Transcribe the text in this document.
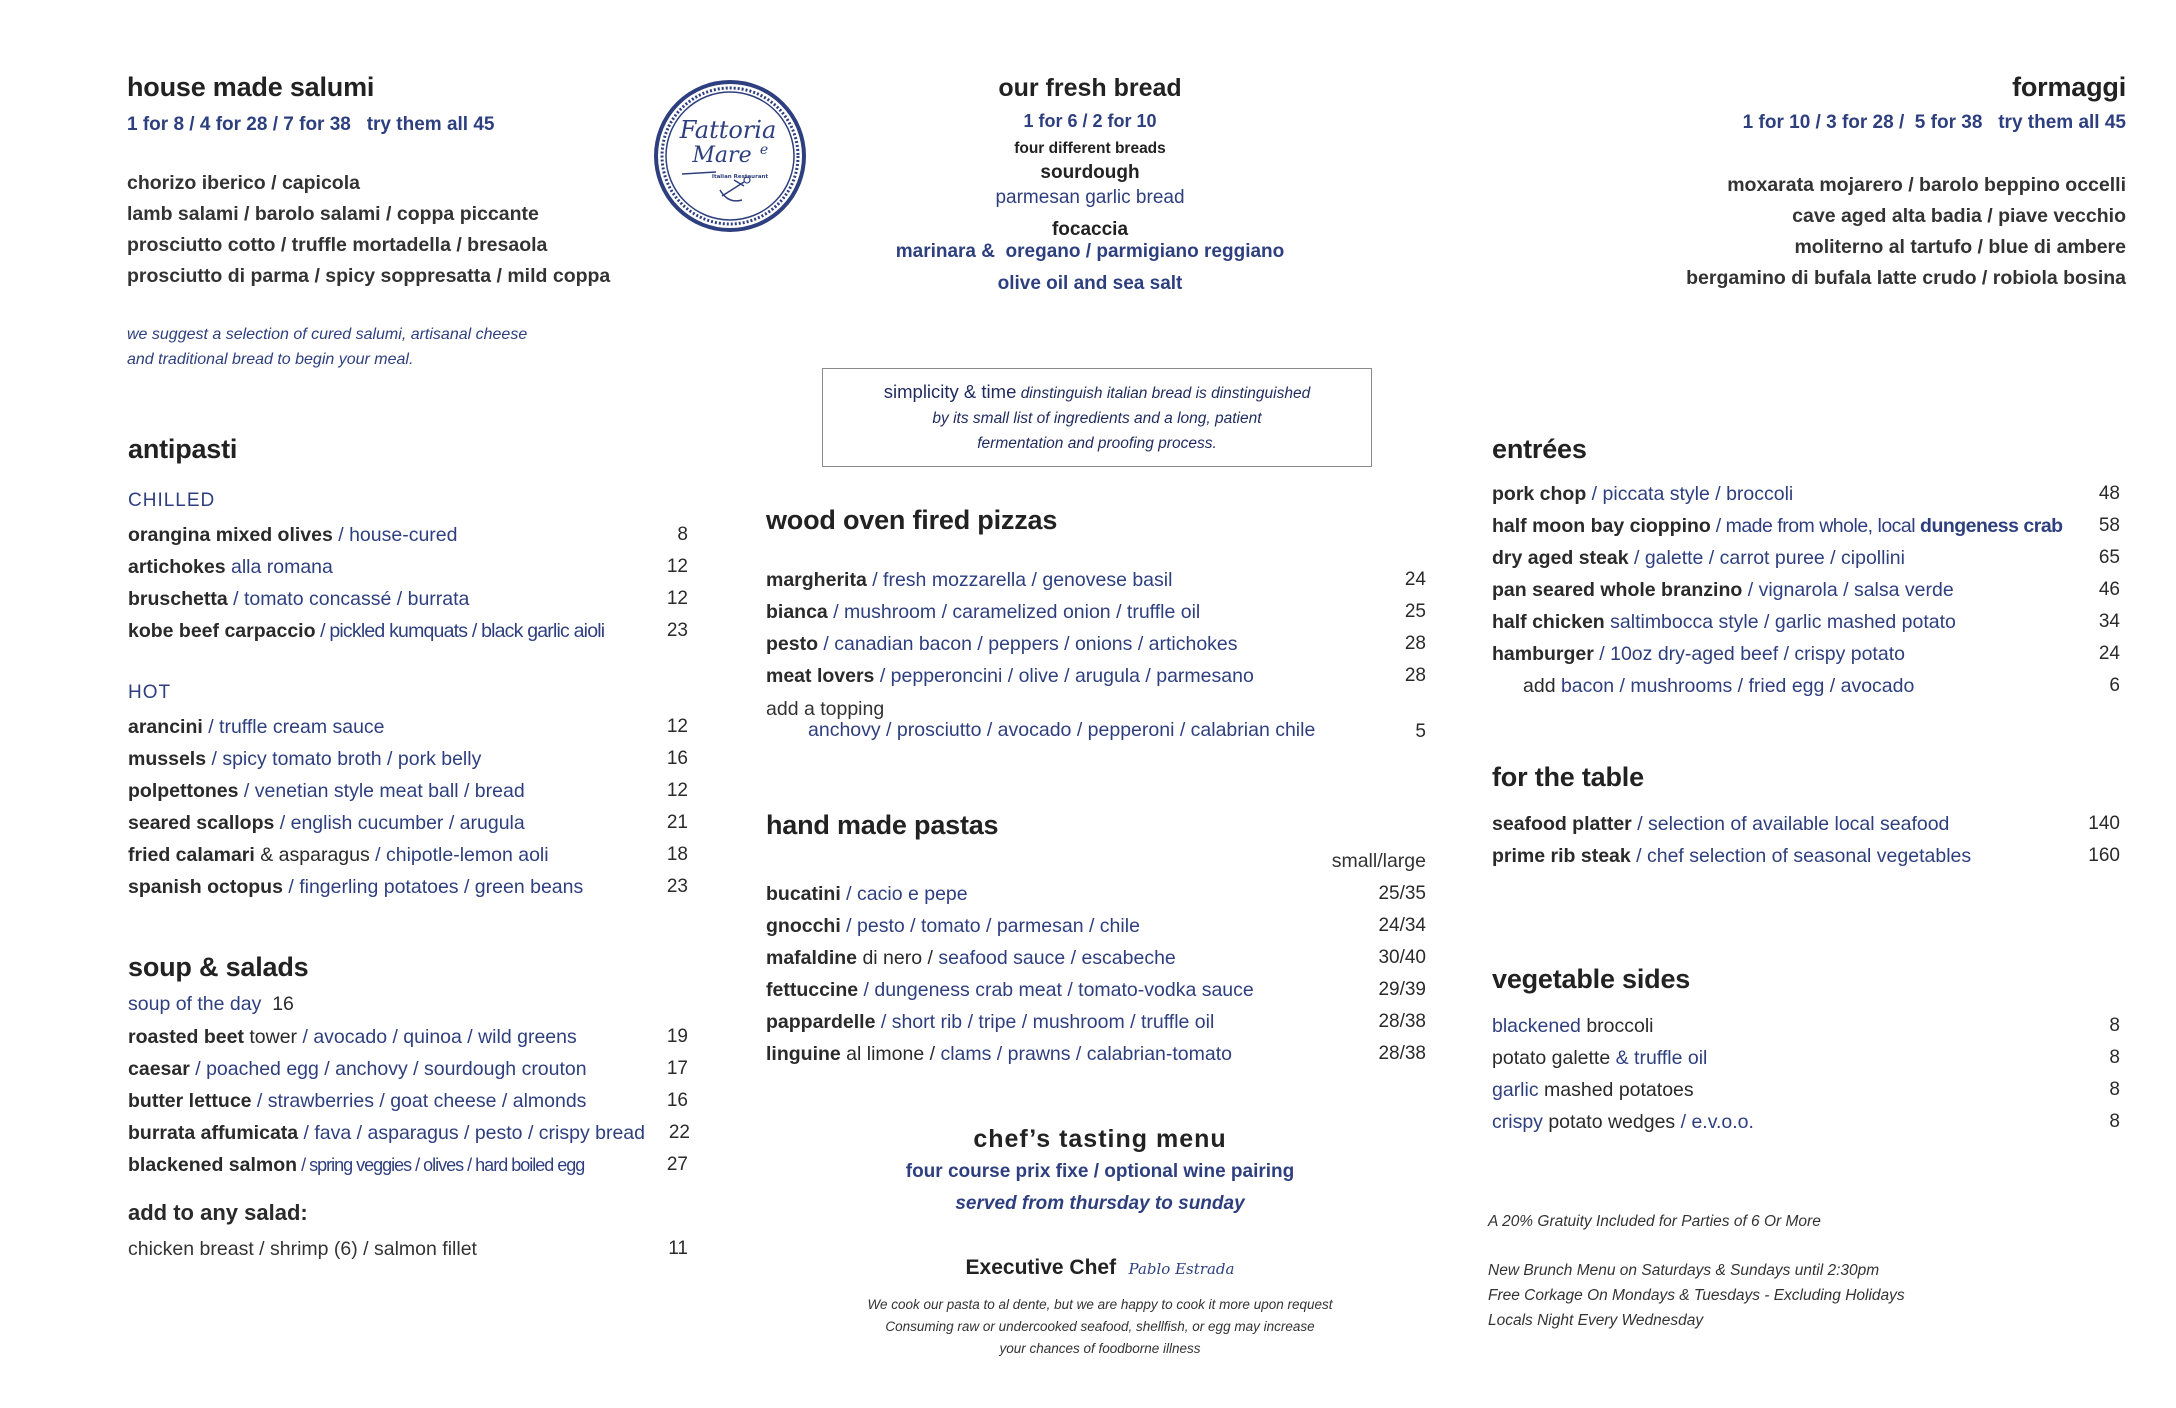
house made salumi
1 for 8 / 4 for 28 / 7 for 38   try them all 45
chorizo iberico / capicola
lamb salami / barolo salami / coppa piccante
prosciutto cotto / truffle mortadella / bresaola
prosciutto di parma / spicy soppresatta / mild coppa
we suggest a selection of cured salumi, artisanal cheese
and traditional bread to begin your meal.
antipasti
CHILLED
orangina mixed olives / house-cured	8
artichokes alla romana	12
bruschetta / tomato concassé / burrata	12
kobe beef carpaccio / pickled kumquats / black garlic aioli	23
HOT
arancini / truffle cream sauce	12
mussels / spicy tomato broth / pork belly	16
polpettones / venetian style meat ball / bread	12
seared scallops / english cucumber / arugula	21
fried calamari & asparagus / chipotle-lemon aoli	18
spanish octopus / fingerling potatoes / green beans	23
soup & salads
soup of the day 16
roasted beet tower / avocado / quinoa / wild greens	19
caesar / poached egg / anchovy / sourdough crouton	17
butter lettuce / strawberries / goat cheese / almonds	16
burrata affumicata / fava / asparagus / pesto / crispy bread	22
blackened salmon / spring veggies / olives / hard boiled egg	27
add to any salad:
chicken breast / shrimp (6) / salmon fillet	11
Fattoria
Mare e
Italian Restaurant
our fresh bread
1 for 6 / 2 for 10
four different breads
sourdough
parmesan garlic bread
focaccia
marinara &  oregano / parmigiano reggiano
olive oil and sea salt
simplicity & time dinstinguish italian bread is dinstinguished
by its small list of ingredients and a long, patient
fermentation and proofing process.
wood oven fired pizzas
margherita / fresh mozzarella / genovese basil	24
bianca / mushroom / caramelized onion / truffle oil	25
pesto / canadian bacon / peppers / onions / artichokes	28
meat lovers / pepperoncini / olive / arugula / parmesano	28
add a topping
anchovy / prosciutto / avocado / pepperoni / calabrian chile	5
hand made pastas
small/large
bucatini / cacio e pepe	25/35
gnocchi / pesto / tomato / parmesan / chile	24/34
mafaldine di nero / seafood sauce / escabeche	30/40
fettuccine / dungeness crab meat / tomato-vodka sauce	29/39
pappardelle / short rib / tripe / mushroom / truffle oil	28/38
linguine al limone / clams / prawns / calabrian-tomato	28/38
chef’s tasting menu
four course prix fixe / optional wine pairing
served from thursday to sunday
Executive Chef Pablo Estrada
We cook our pasta to al dente, but we are happy to cook it more upon request
Consuming raw or undercooked seafood, shellfish, or egg may increase
your chances of foodborne illness
formaggi
1 for 10 / 3 for 28 /  5 for 38   try them all 45
moxarata mojarero / barolo beppino occelli
cave aged alta badia / piave vecchio
moliterno al tartufo / blue di ambere
bergamino di bufala latte crudo / robiola bosina
entrées
pork chop / piccata style / broccoli	48
half moon bay cioppino / made from whole, local dungeness crab	58
dry aged steak / galette / carrot puree / cipollini	65
pan seared whole branzino / vignarola / salsa verde	46
half chicken saltimbocca style / garlic mashed potato	34
hamburger / 10oz dry-aged beef / crispy potato	24
add bacon / mushrooms / fried egg / avocado	6
for the table
seafood platter / selection of available local seafood	140
prime rib steak / chef selection of seasonal vegetables	160
vegetable sides
blackened broccoli	8
potato galette & truffle oil	8
garlic mashed potatoes	8
crispy potato wedges / e.v.o.o.	8
A 20% Gratuity Included for Parties of 6 Or More
New Brunch Menu on Saturdays & Sundays until 2:30pm
Free Corkage On Mondays & Tuesdays - Excluding Holidays
Locals Night Every Wednesday
